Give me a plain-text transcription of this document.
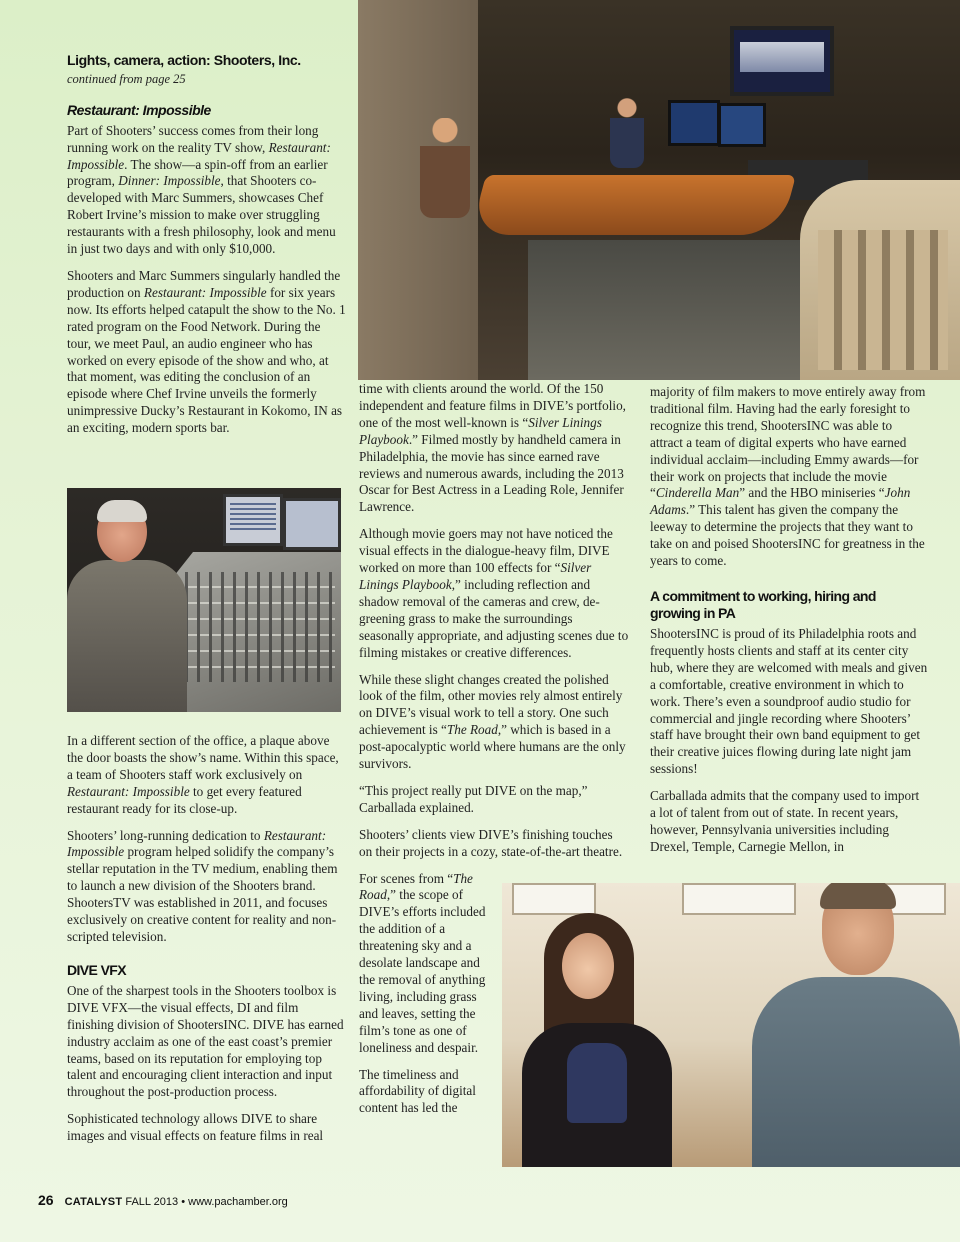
Lights, camera, action: Shooters, Inc.
continued from page 25
Restaurant: Impossible

Part of Shooters’ success comes from their long running work on the reality TV show, Restaurant: Impossible. The show—a spin-off from an earlier program, Dinner: Impossible, that Shooters co-developed with Marc Summers, showcases Chef Robert Irvine’s mission to make over struggling restaurants with a fresh philosophy, look and menu in just two days and with only $10,000.

Shooters and Marc Summers singularly handled the production on Restaurant: Impossible for six years now. Its efforts helped catapult the show to the No. 1 rated program on the Food Network. During the tour, we meet Paul, an audio engineer who has worked on every episode of the show and who, at that moment, was editing the conclusion of an episode where Chef Irvine unveils the formerly unimpressive Ducky’s Restaurant in Kokomo, IN as an exciting, modern sports bar.

In a different section of the office, a plaque above the door boasts the show’s name. Within this space, a team of Shooters staff work exclusively on Restaurant: Impossible to get every featured restaurant ready for its close-up.

Shooters’ long-running dedication to Restaurant: Impossible program helped solidify the company’s stellar reputation in the TV medium, enabling them to launch a new division of the Shooters brand. ShootersTV was established in 2011, and focuses exclusively on creative content for reality and non-scripted television.

DIVE VFX

One of the sharpest tools in the Shooters toolbox is DIVE VFX—the visual effects, DI and film finishing division of ShootersINC. DIVE has earned industry acclaim as one of the east coast’s premier teams, based on its reputation for employing top talent and encouraging client interaction and input throughout the post-production process.

Sophisticated technology allows DIVE to share images and visual effects on feature films in real

time with clients around the world. Of the 150 independent and feature films in DIVE’s portfolio, one of the most well-known is “Silver Linings Playbook.” Filmed mostly by handheld camera in Philadelphia, the movie has since earned rave reviews and numerous awards, including the 2013 Oscar for Best Actress in a Leading Role, Jennifer Lawrence.

Although movie goers may not have noticed the visual effects in the dialogue-heavy film, DIVE worked on more than 100 effects for “Silver Linings Playbook,” including reflection and shadow removal of the cameras and crew, de-greening grass to make the surroundings seasonally appropriate, and adjusting scenes due to filming mistakes or creative differences.

While these slight changes created the polished look of the film, other movies rely almost entirely on DIVE’s visual work to tell a story. One such achievement is “The Road,” which is based in a post-apocalyptic world where humans are the only survivors.

“This project really put DIVE on the map,” Carballada explained.

Shooters’ clients view DIVE’s finishing touches on their projects in a cozy, state-of-the-art theatre.

For scenes from “The Road,” the scope of DIVE’s efforts included the addition of a threatening sky and a desolate landscape and the removal of anything living, including grass and leaves, setting the film’s tone as one of loneliness and despair.

The timeliness and affordability of digital content has led the

majority of film makers to move entirely away from traditional film. Having had the early foresight to recognize this trend, ShootersINC was able to attract a team of digital experts who have earned individual acclaim—including Emmy awards—for their work on projects that include the movie “Cinderella Man” and the HBO miniseries “John Adams.” This talent has given the company the leeway to determine the projects that they want to take on and poised ShootersINC for greatness in the years to come.

A commitment to working, hiring and growing in PA

ShootersINC is proud of its Philadelphia roots and frequently hosts clients and staff at its center city hub, where they are welcomed with meals and given a comfortable, creative environment in which to work. There’s even a soundproof audio studio for commercial and jingle recording where Shooters’ staff have brought their own band equipment to get their creative juices flowing during late night jam sessions!

Carballada admits that the company used to import a lot of talent from out of state. In recent years, however, Pennsylvania universities including Drexel, Temple, Carnegie Mellon, in

26 CATALYST FALL 2013 • www.pachamber.org
